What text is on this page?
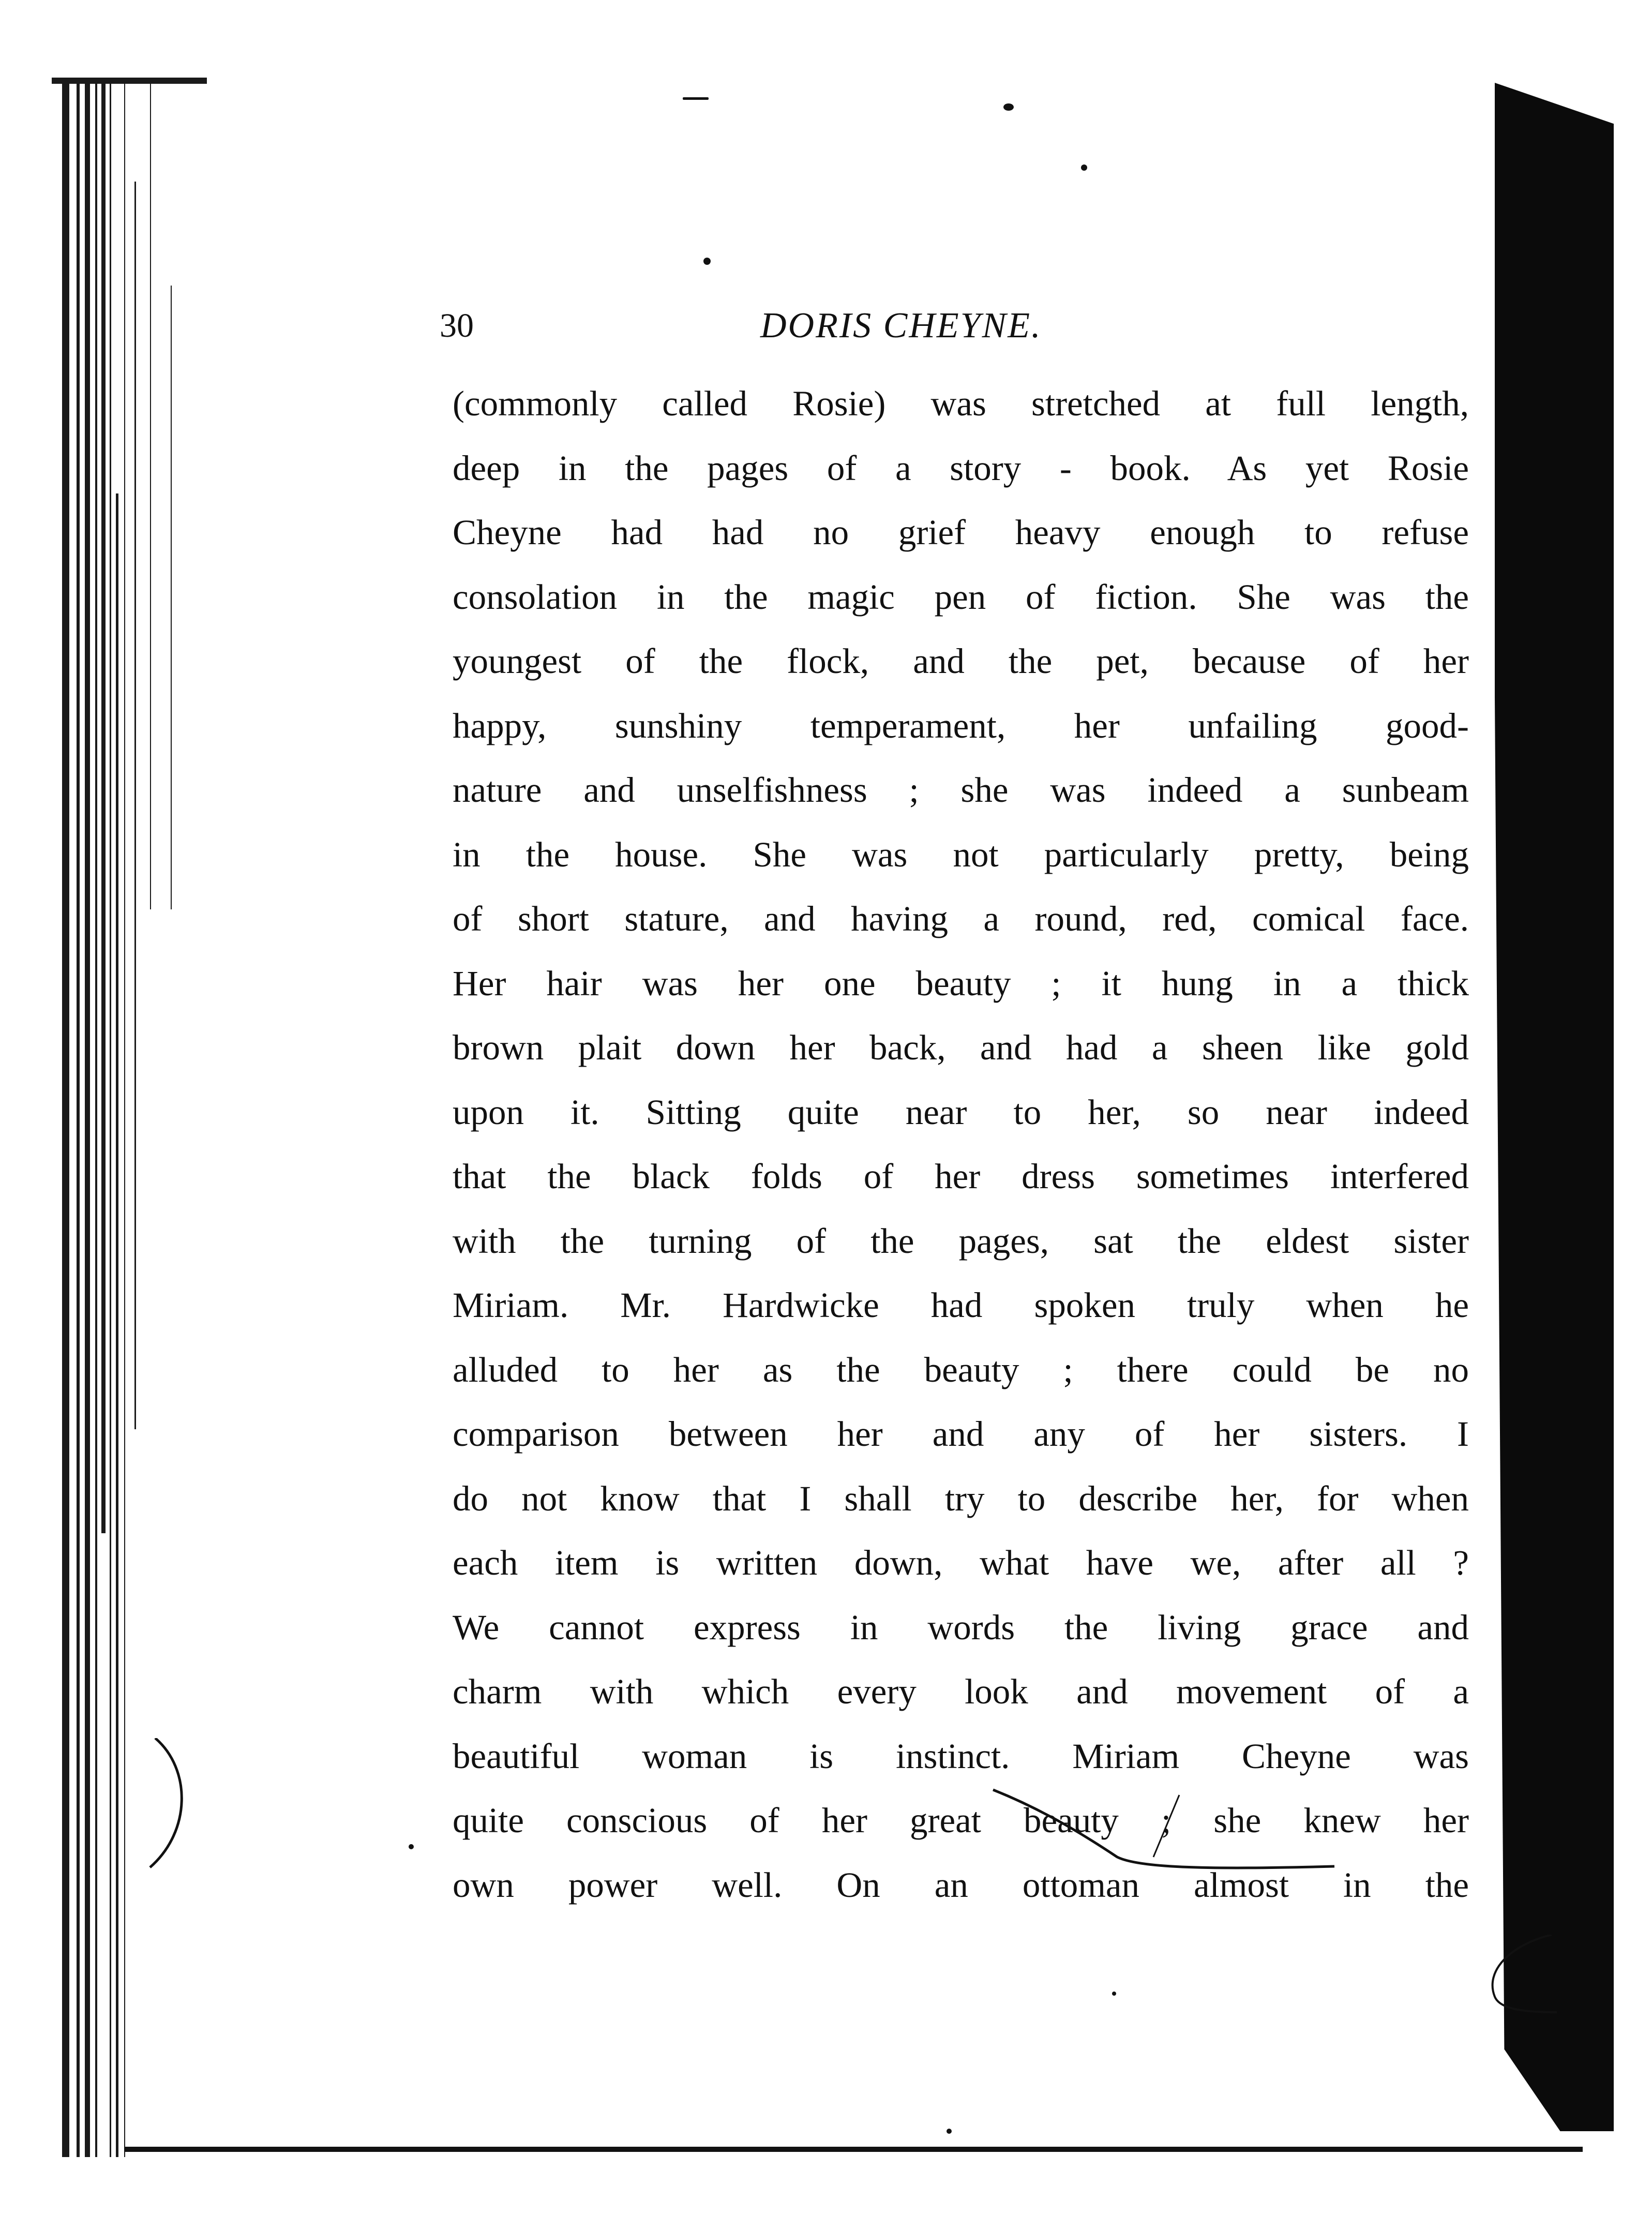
30	DORIS CHEYNE.
(commonly called Rosie) was stretched at full length,
deep in the pages of a story - book. As yet Rosie
Cheyne had had no grief heavy enough to refuse
consolation in the magic pen of fiction. She was the
youngest of the flock, and the pet, because of her
happy, sunshiny temperament, her unfailing good-
nature and unselfishness ; she was indeed a sunbeam
in the house. She was not particularly pretty, being
of short stature, and having a round, red, comical face.
Her hair was her one beauty ; it hung in a thick
brown plait down her back, and had a sheen like gold
upon it. Sitting quite near to her, so near indeed
that the black folds of her dress sometimes interfered
with the turning of the pages, sat the eldest sister
Miriam. Mr. Hardwicke had spoken truly when he
alluded to her as the beauty ; there could be no
comparison between her and any of her sisters. I
do not know that I shall try to describe her, for when
each item is written down, what have we, after all ?
We cannot express in words the living grace and
charm with which every look and movement of a
beautiful woman is instinct. Miriam Cheyne was
quite conscious of her great beauty ; she knew her
own power well. On an ottoman almost in the
